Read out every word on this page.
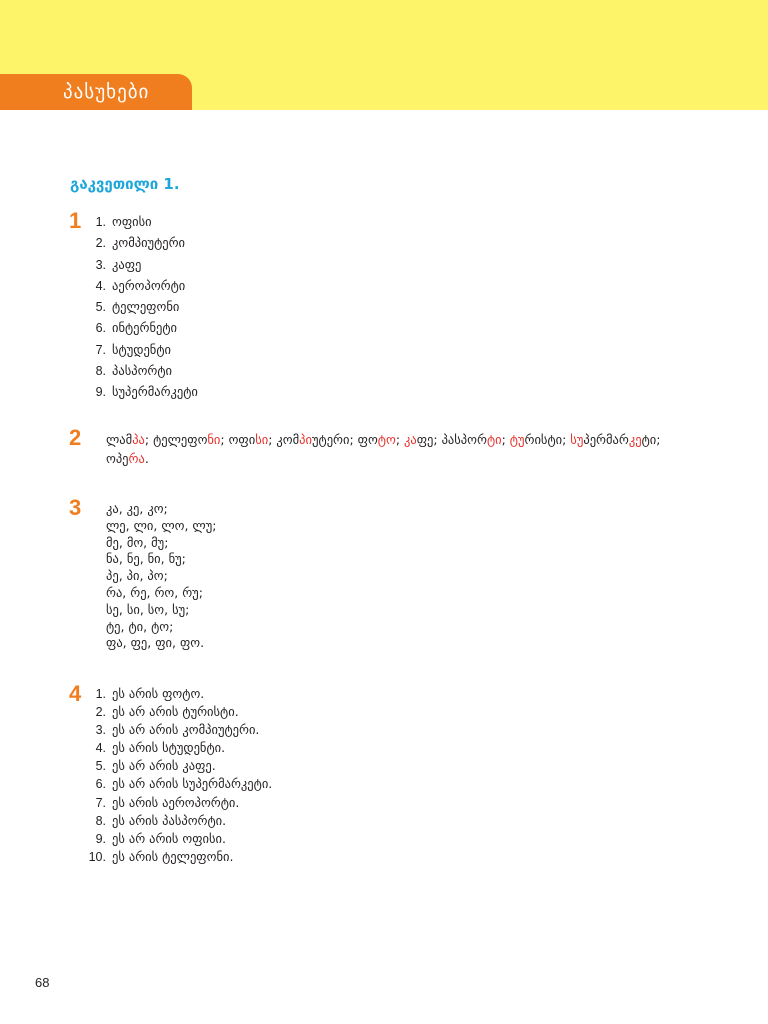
პასუხები
გაკვეთილი 1.
1	1. ოფისი
2. კომპიუტერი
3. კაფე
4. აეროპორტი
5. ტელეფონი
6. ინტერნეტი
7. სტუდენტი
8. პასპორტი
9. სუპერმარკეტი
2 ლამპა; ტელეფონი; ოფისი; კომპიუტერი; ფოტო; კაფე; პასპორტი; ტურისტი; სუპერმარკეტი; ოპერა.
3 კა, კე, კო;
ლე, ლი, ლო, ლუ;
მე, მო, მუ;
ნა, ნე, ნი, ნუ;
პე, პი, პო;
რა, რე, რო, რუ;
სე, სი, სო, სუ;
ტე, ტი, ტო;
ფა, ფე, ფი, ფო.
4	1. ეს არის ფოტო.
2. ეს არ არის ტურისტი.
3. ეს არ არის კომპიუტერი.
4. ეს არის სტუდენტი.
5. ეს არ არის კაფე.
6. ეს არ არის სუპერმარკეტი.
7. ეს არის აეროპორტი.
8. ეს არის პასპორტი.
9. ეს არ არის ოფისი.
10. ეს არის ტელეფონი.
68
